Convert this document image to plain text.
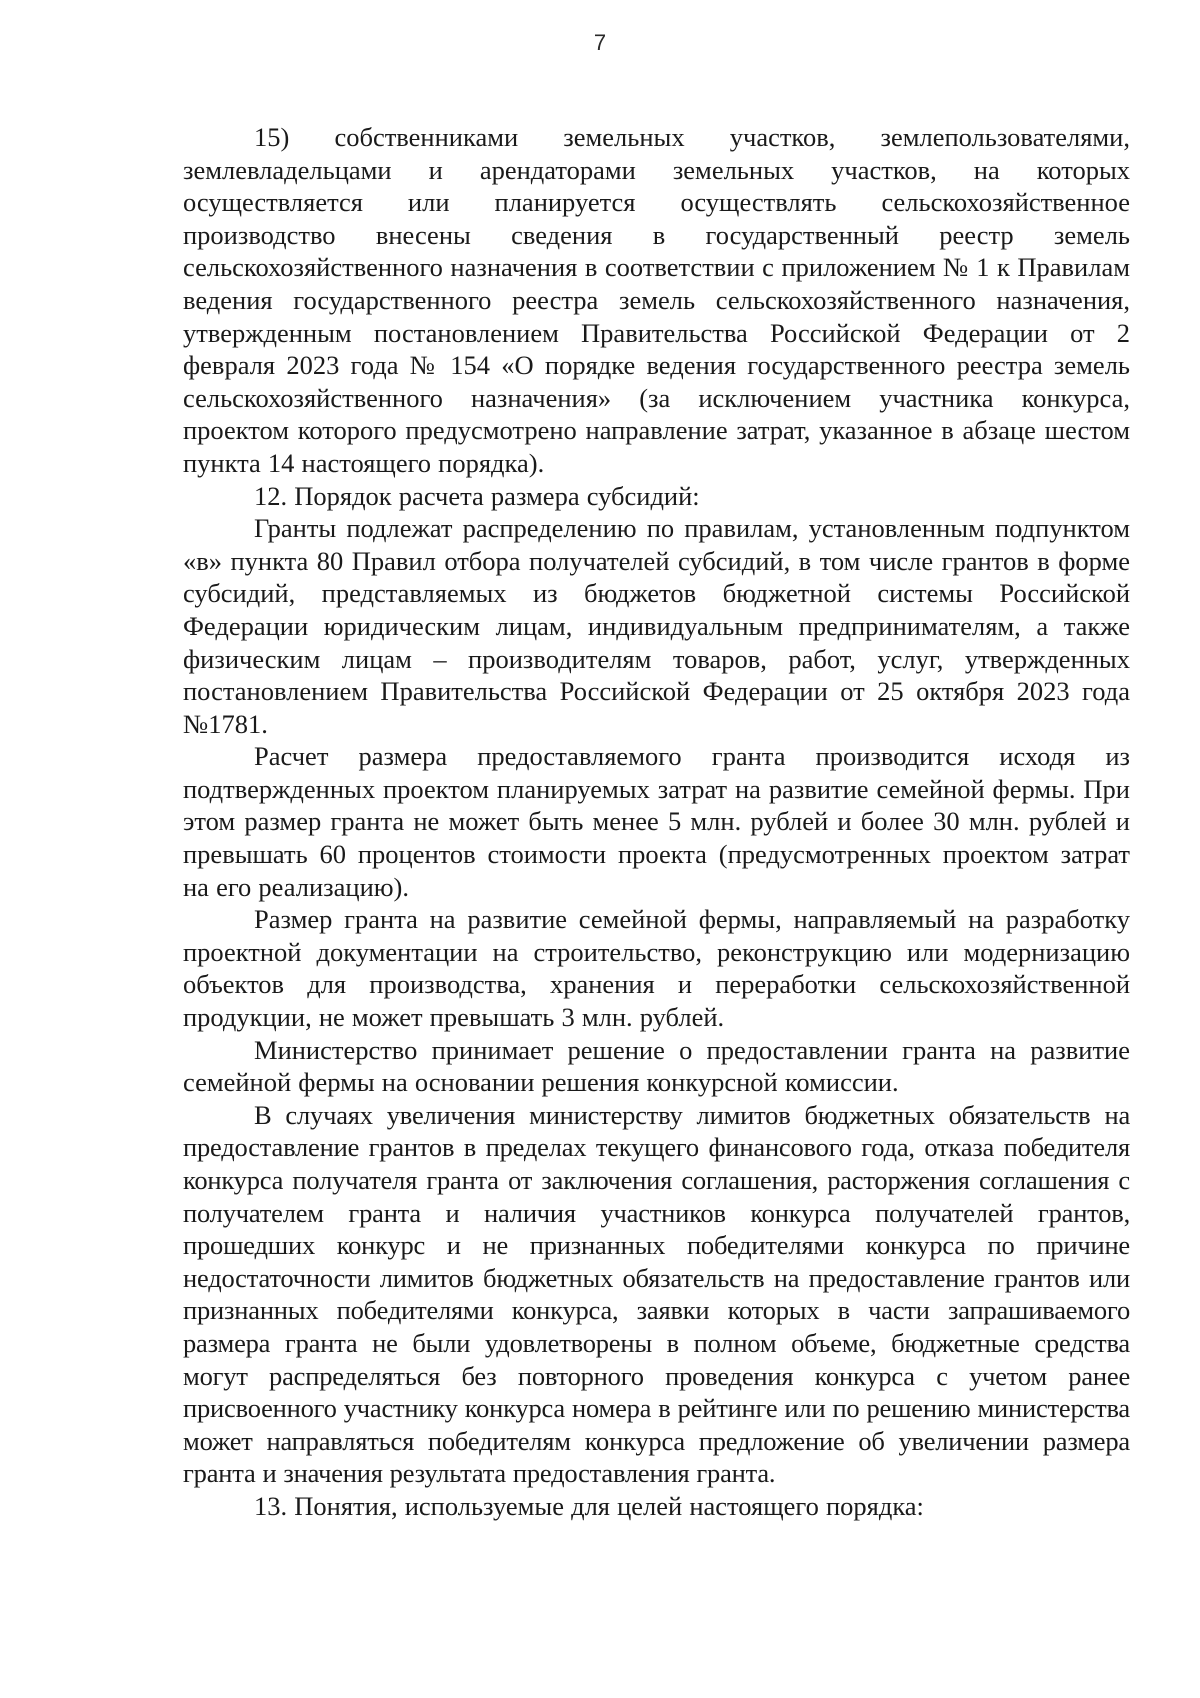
7

15) собственниками земельных участков, землепользователями, землевладельцами и арендаторами земельных участков, на которых осуществляется или планируется осуществлять сельскохозяйственное производство внесены сведения в государственный реестр земель сельскохозяйственного назначения в соответствии с приложением № 1 к Правилам ведения государственного реестра земель сельскохозяйственного назначения, утвержденным постановлением Правительства Российской Федерации от 2 февраля 2023 года № 154 «О порядке ведения государственного реестра земель сельскохозяйственного назначения» (за исключением участника конкурса, проектом которого предусмотрено направление затрат, указанное в абзаце шестом пункта 14 настоящего порядка).

12. Порядок расчета размера субсидий:

Гранты подлежат распределению по правилам, установленным подпунктом «в» пункта 80 Правил отбора получателей субсидий, в том числе грантов в форме субсидий, представляемых из бюджетов бюджетной системы Российской Федерации юридическим лицам, индивидуальным предпринимателям, а также физическим лицам – производителям товаров, работ, услуг, утвержденных постановлением Правительства Российской Федерации от 25 октября 2023 года №1781.

Расчет размера предоставляемого гранта производится исходя из подтвержденных проектом планируемых затрат на развитие семейной фермы. При этом размер гранта не может быть менее 5 млн. рублей и более 30 млн. рублей и превышать 60 процентов стоимости проекта (предусмотренных проектом затрат на его реализацию).

Размер гранта на развитие семейной фермы, направляемый на разработку проектной документации на строительство, реконструкцию или модернизацию объектов для производства, хранения и переработки сельскохозяйственной продукции, не может превышать 3 млн. рублей.

Министерство принимает решение о предоставлении гранта на развитие семейной фермы на основании решения конкурсной комиссии.

В случаях увеличения министерству лимитов бюджетных обязательств на предоставление грантов в пределах текущего финансового года, отказа победителя конкурса получателя гранта от заключения соглашения, расторжения соглашения с получателем гранта и наличия участников конкурса получателей грантов, прошедших конкурс и не признанных победителями конкурса по причине недостаточности лимитов бюджетных обязательств на предоставление грантов или признанных победителями конкурса, заявки которых в части запрашиваемого размера гранта не были удовлетворены в полном объеме, бюджетные средства могут распределяться без повторного проведения конкурса с учетом ранее присвоенного участнику конкурса номера в рейтинге или по решению министерства может направляться победителям конкурса предложение об увеличении размера гранта и значения результата предоставления гранта.

13. Понятия, используемые для целей настоящего порядка:
